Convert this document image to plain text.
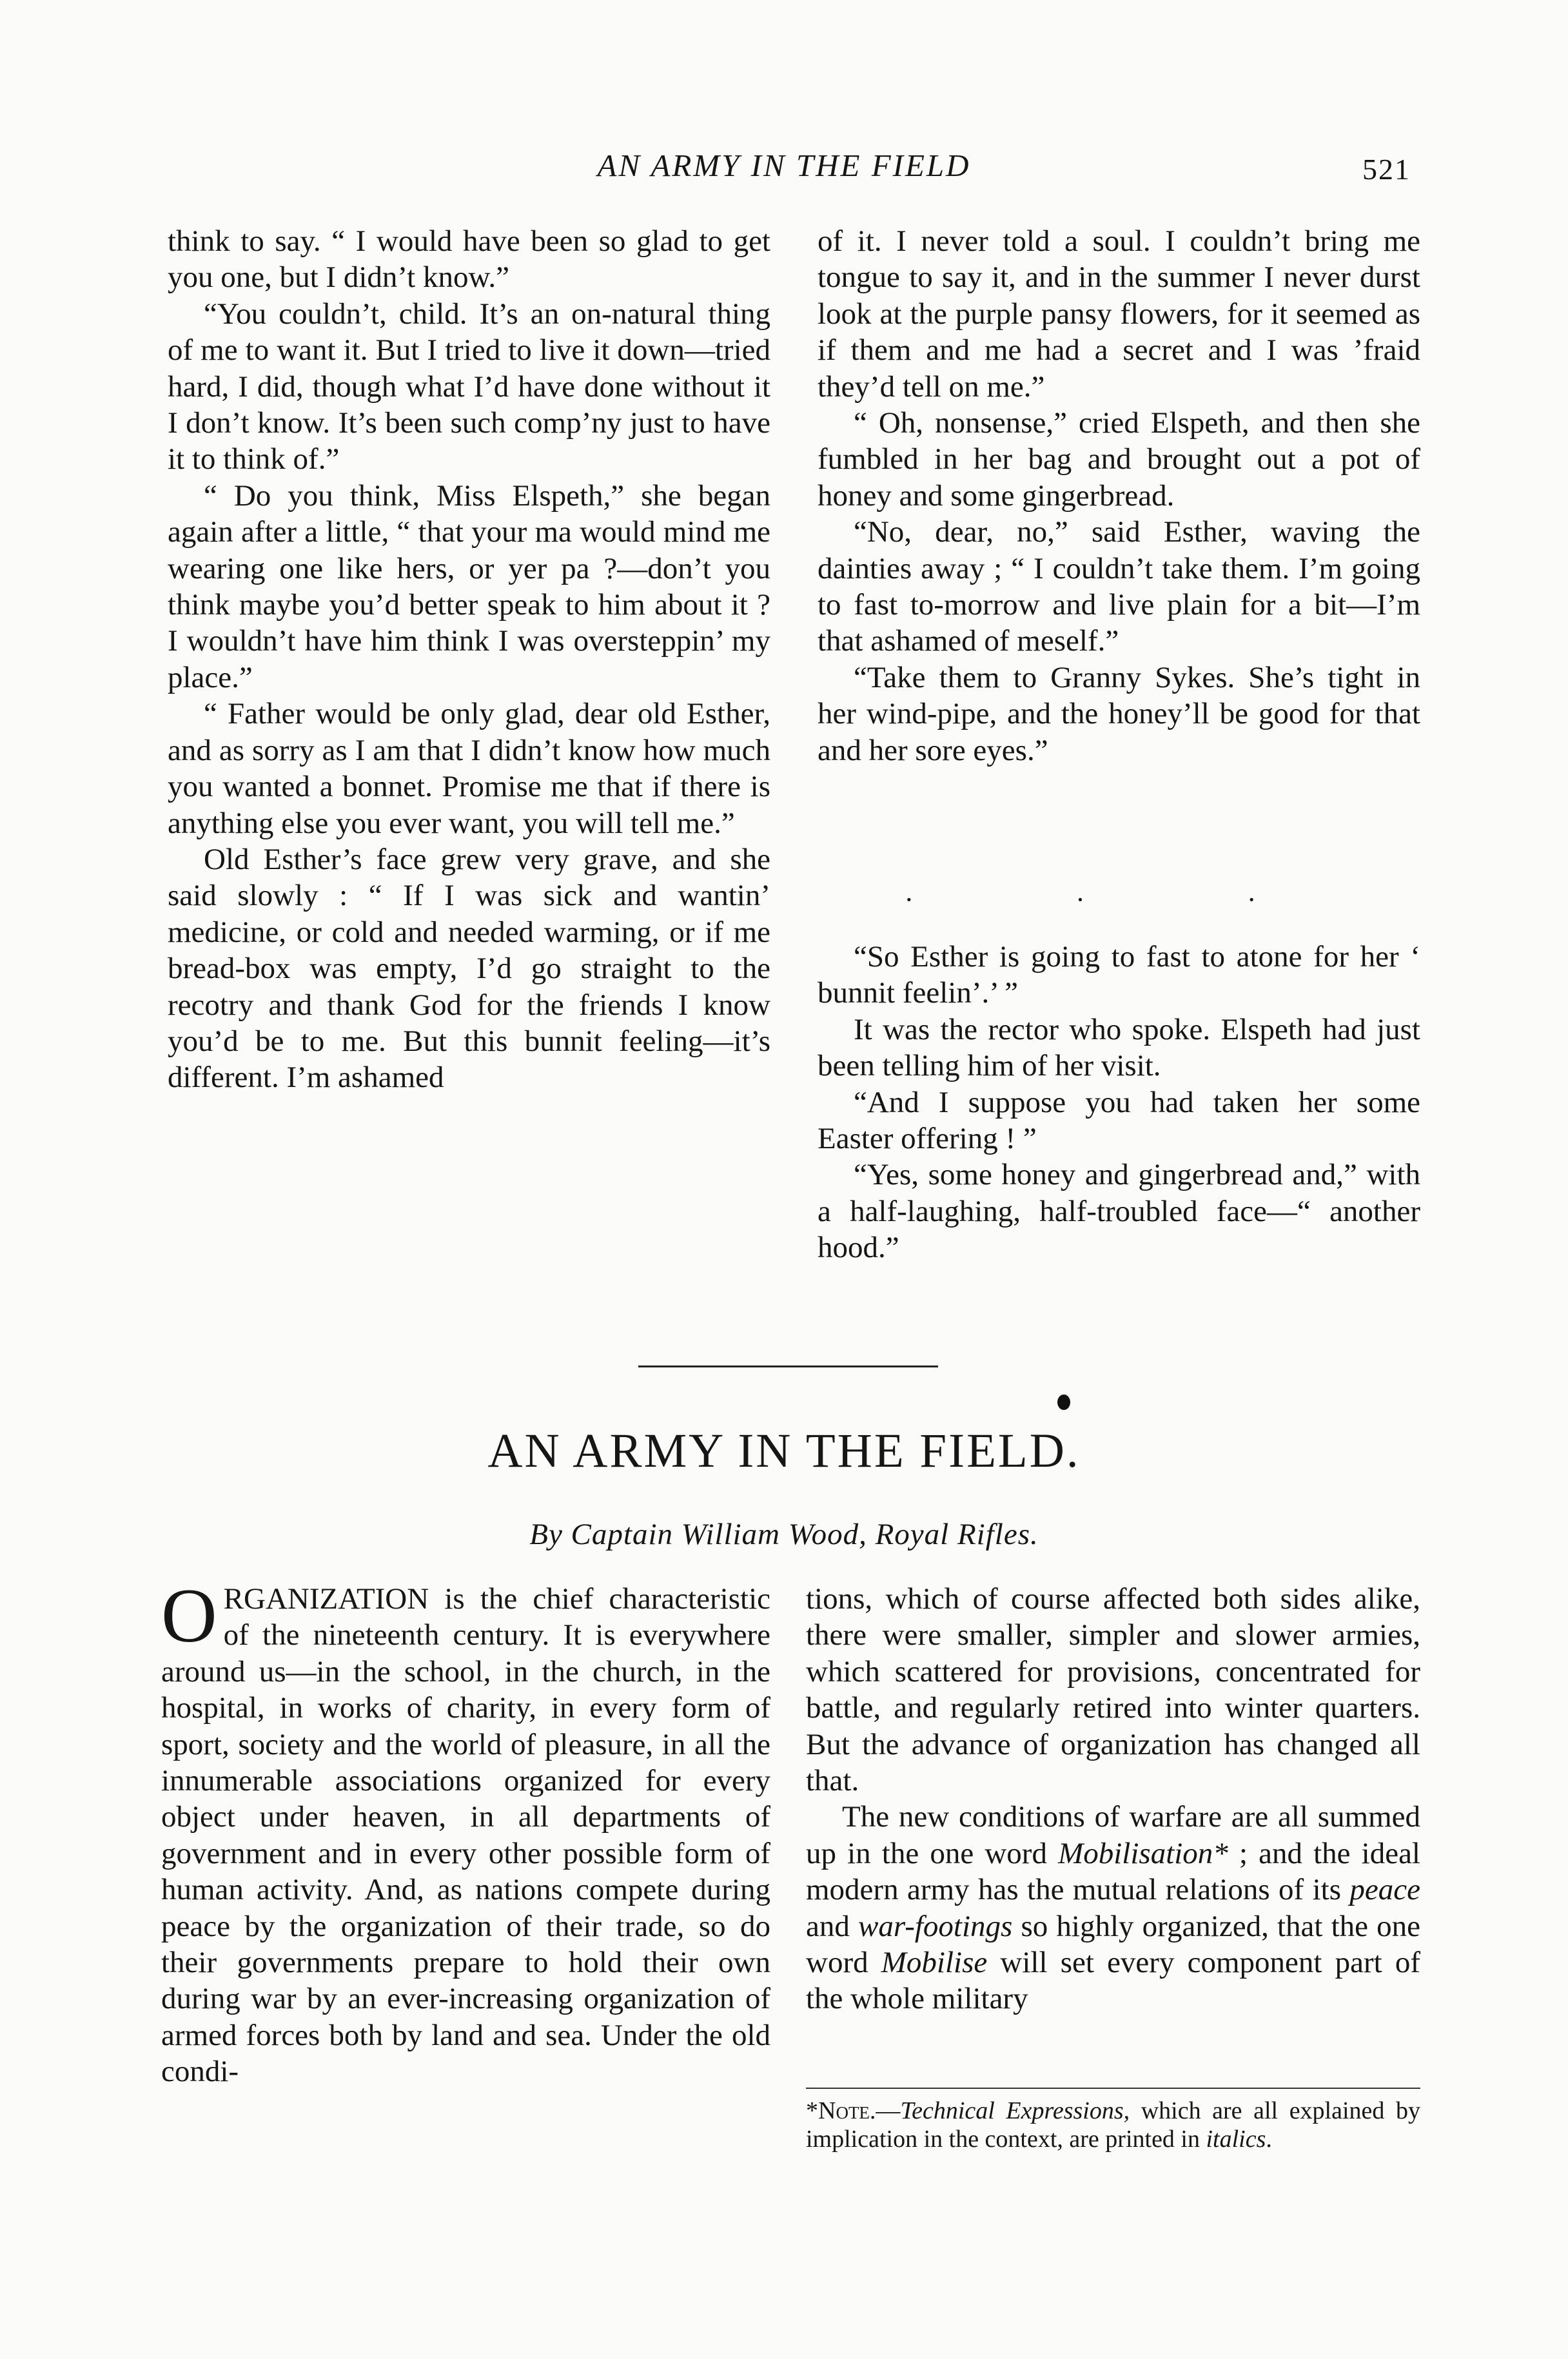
AN ARMY IN THE FIELD	521

think to say. “ I would have been so glad to get you one, but I didn’t know.”

“You couldn’t, child. It’s an on-natural thing of me to want it. But I tried to live it down—tried hard, I did, though what I’d have done without it I don’t know. It’s been such comp’ny just to have it to think of.”

“ Do you think, Miss Elspeth,” she began again after a little, “ that your ma would mind me wearing one like hers, or yer pa ?—don’t you think maybe you’d better speak to him about it ? I wouldn’t have him think I was oversteppin’ my place.”

“ Father would be only glad, dear old Esther, and as sorry as I am that I didn’t know how much you wanted a bonnet. Promise me that if there is anything else you ever want, you will tell me.”

Old Esther’s face grew very grave, and she said slowly : “ If I was sick and wantin’ medicine, or cold and needed warming, or if me bread-box was empty, I’d go straight to the recotry and thank God for the friends I know you’d be to me. But this bunnit feeling—it’s different. I’m ashamed

of it. I never told a soul. I couldn’t bring me tongue to say it, and in the summer I never durst look at the purple pansy flowers, for it seemed as if them and me had a secret and I was ’fraid they’d tell on me.”

“ Oh, nonsense,” cried Elspeth, and then she fumbled in her bag and brought out a pot of honey and some gingerbread.

“No, dear, no,” said Esther, waving the dainties away ; “ I couldn’t take them. I’m going to fast to-morrow and live plain for a bit—I’m that ashamed of meself.”

“Take them to Granny Sykes. She’s tight in her wind-pipe, and the honey’ll be good for that and her sore eyes.”

· · ·

“So Esther is going to fast to atone for her ‘ bunnit feelin’.’ ”

It was the rector who spoke. Elspeth had just been telling him of her visit.

“And I suppose you had taken her some Easter offering ! ”

“Yes, some honey and gingerbread and,” with a half-laughing, half-troubled face—“ another hood.”

AN ARMY IN THE FIELD.
By Captain William Wood, Royal Rifles.

ORGANIZATION is the chief characteristic of the nineteenth century. It is everywhere around us—in the school, in the church, in the hospital, in works of charity, in every form of sport, society and the world of pleasure, in all the innumerable associations organized for every object under heaven, in all departments of government and in every other possible form of human activity. And, as nations compete during peace by the organization of their trade, so do their governments prepare to hold their own during war by an ever-increasing organization of armed forces both by land and sea. Under the old condi-

tions, which of course affected both sides alike, there were smaller, simpler and slower armies, which scattered for provisions, concentrated for battle, and regularly retired into winter quarters. But the advance of organization has changed all that.

The new conditions of warfare are all summed up in the one word Mobilisation* ; and the ideal modern army has the mutual relations of its peace and war-footings so highly organized, that the one word Mobilise will set every component part of the whole military

*Note.—Technical Expressions, which are all explained by implication in the context, are printed in italics.
